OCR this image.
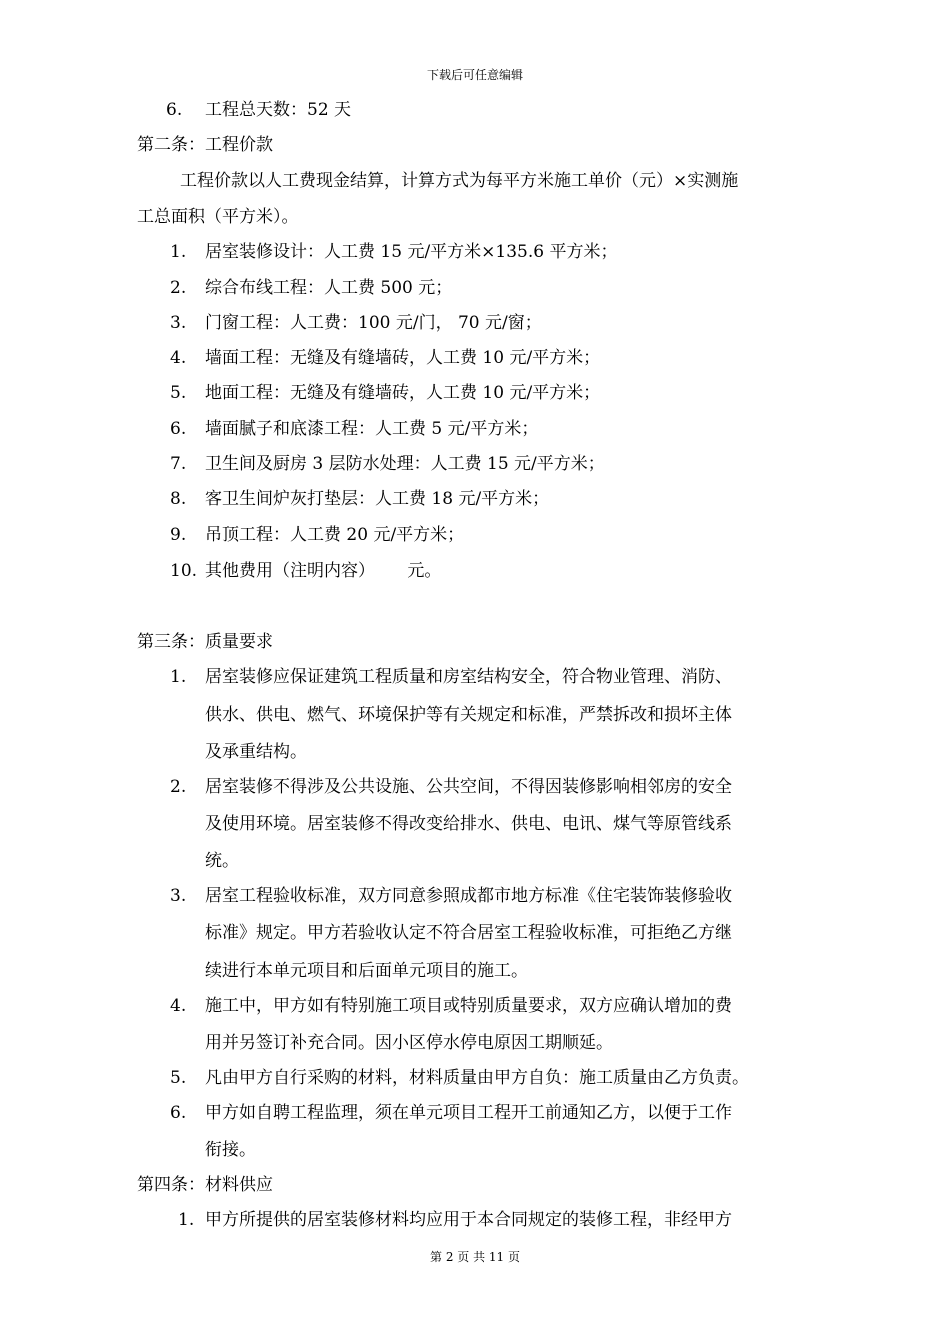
下载后可任意编辑
6. 工程总天数：52 天
第二条：工程价款
工程价款以人工费现金结算，计算方式为每平方米施工单价（元）×实测施
工总面积（平方米）。
1. 居室装修设计：人工费 15 元/平方米×135.6 平方米；
2. 综合布线工程：人工费 500 元；
3. 门窗工程：人工费：100 元/门， 70 元/窗；
4. 墙面工程：无缝及有缝墙砖，人工费 10 元/平方米；
5. 地面工程：无缝及有缝墙砖，人工费 10 元/平方米；
6. 墙面腻子和底漆工程：人工费 5 元/平方米；
7. 卫生间及厨房 3 层防水处理：人工费 15 元/平方米；
8. 客卫生间炉灰打垫层：人工费 18 元/平方米；
9. 吊顶工程：人工费 20 元/平方米；
10. 其他费用（注明内容）      元。
第三条：质量要求
1. 居室装修应保证建筑工程质量和房室结构安全，符合物业管理、消防、
供水、供电、燃气、环境保护等有关规定和标准，严禁拆改和损坏主体
及承重结构。
2. 居室装修不得涉及公共设施、公共空间，不得因装修影响相邻房的安全
及使用环境。居室装修不得改变给排水、供电、电讯、煤气等原管线系
统。
3. 居室工程验收标准，双方同意参照成都市地方标准《住宅装饰装修验收
标准》规定。甲方若验收认定不符合居室工程验收标准，可拒绝乙方继
续进行本单元项目和后面单元项目的施工。
4. 施工中，甲方如有特别施工项目或特别质量要求，双方应确认增加的费
用并另签订补充合同。因小区停水停电原因工期顺延。
5. 凡由甲方自行采购的材料，材料质量由甲方自负：施工质量由乙方负责。
6. 甲方如自聘工程监理，须在单元项目工程开工前通知乙方，以便于工作
衔接。
第四条：材料供应
1. 甲方所提供的居室装修材料均应用于本合同规定的装修工程，非经甲方
第 2 页 共 11 页
